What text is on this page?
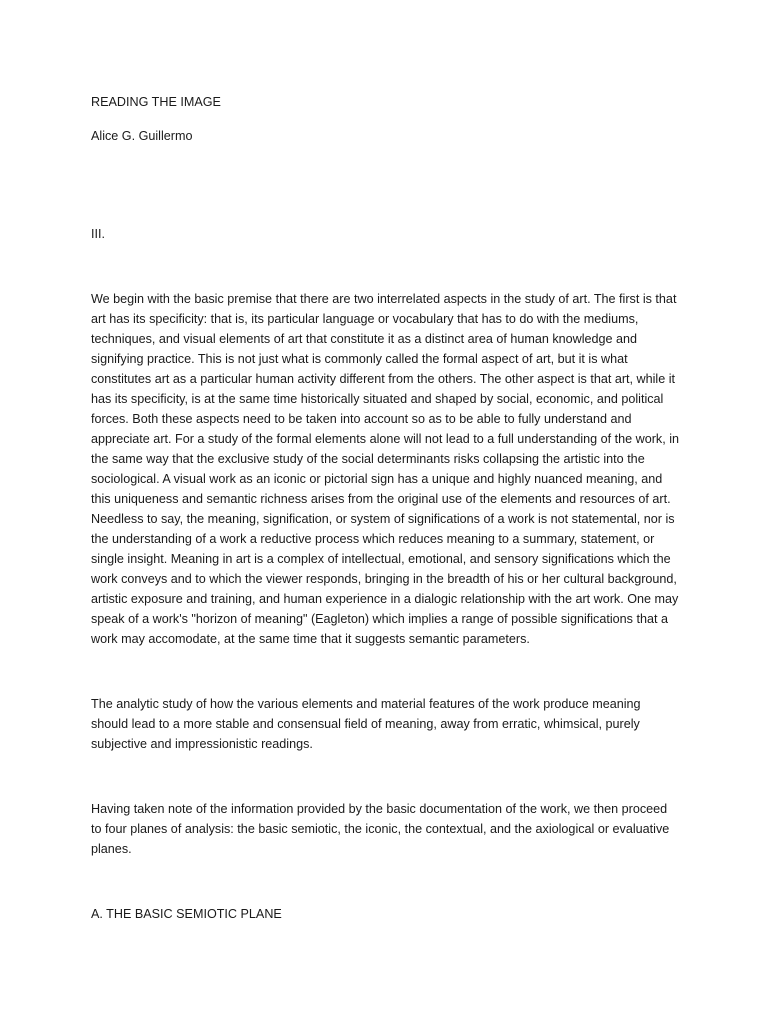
READING THE IMAGE

Alice G. Guillermo

III.

We begin with the basic premise that there are two interrelated aspects in the study of art. The first is that art has its specificity: that is, its particular language or vocabulary that has to do with the mediums, techniques, and visual elements of art that constitute it as a distinct area of human knowledge and signifying practice. This is not just what is commonly called the formal aspect of art, but it is what constitutes art as a particular human activity different from the others. The other aspect is that art, while it has its specificity, is at the same time historically situated and shaped by social, economic, and political forces. Both these aspects need to be taken into account so as to be able to fully understand and appreciate art. For a study of the formal elements alone will not lead to a full understanding of the work, in the same way that the exclusive study of the social determinants risks collapsing the artistic into the sociological. A visual work as an iconic or pictorial sign has a unique and highly nuanced meaning, and this uniqueness and semantic richness arises from the original use of the elements and resources of art. Needless to say, the meaning, signification, or system of significations of a work is not statemental, nor is the understanding of a work a reductive process which reduces meaning to a summary, statement, or single insight. Meaning in art is a complex of intellectual, emotional, and sensory significations which the work conveys and to which the viewer responds, bringing in the breadth of his or her cultural background, artistic exposure and training, and human experience in a dialogic relationship with the art work. One may speak of a work's "horizon of meaning" (Eagleton) which implies a range of possible significations that a work may accomodate, at the same time that it suggests semantic parameters.

The analytic study of how the various elements and material features of the work produce meaning should lead to a more stable and consensual field of meaning, away from erratic, whimsical, purely subjective and impressionistic readings.

Having taken note of the information provided by the basic documentation of the work, we then proceed to four planes of analysis: the basic semiotic, the iconic, the contextual, and the axiological or evaluative planes.

A. THE BASIC SEMIOTIC PLANE
